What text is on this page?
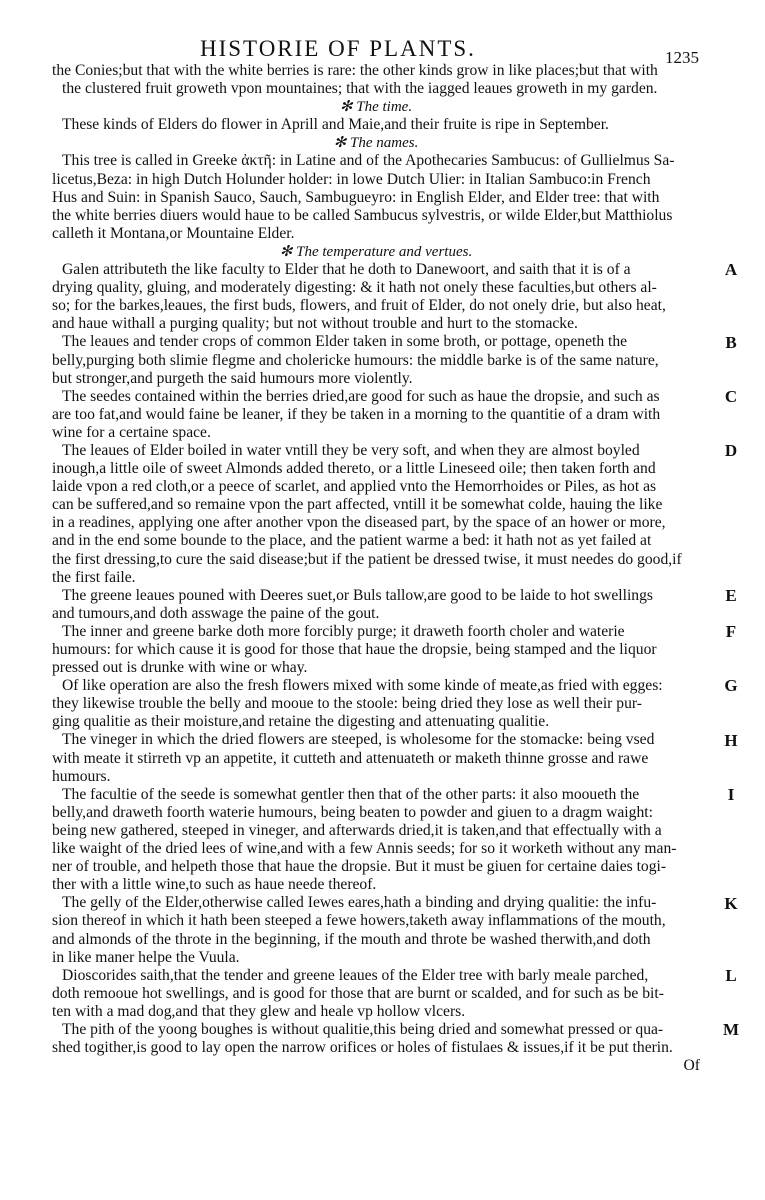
HISTORIE OF PLANTS.	1235
the Conies;but that with the white berries is rare: the other kinds grow in like places;but that with
the clustered fruit groweth vpon mountaines; that with the iagged leaues groweth in my garden.
✻ The time.
These kinds of Elders do flower in Aprill and Maie,and their fruite is ripe in September.
✻ The names.
This tree is called in Greeke ἀκτῆ: in Latine and of the Apothecaries Sambucus: of Gullielmus Sa-
licetus,Beza: in high Dutch Holunder holder: in lowe Dutch Ulier: in Italian Sambuco:in French
Hus and Suin: in Spanish Sauco, Sauch, Sambugueyro: in English Elder, and Elder tree: that with
the white berries diuers would haue to be called Sambucus sylvestris, or wilde Elder,but Matthiolus
calleth it Montana,or Mountaine Elder.
✻ The temperature and vertues.
Galen attributeth the like faculty to Elder that he doth to Danewoort, and saith that it is of a
drying quality, gluing, and moderately digesting: & it hath not onely these faculties,but others al-
so; for the barkes,leaues, the first buds, flowers, and fruit of Elder, do not onely drie, but also heat,
and haue withall a purging quality; but not without trouble and hurt to the stomacke.
The leaues and tender crops of common Elder taken in some broth, or pottage, openeth the
belly,purging both slimie flegme and cholericke humours: the middle barke is of the same nature,
but stronger,and purgeth the said humours more violently.
The seedes contained within the berries dried,are good for such as haue the dropsie, and such as
are too fat,and would faine be leaner, if they be taken in a morning to the quantitie of a dram with
wine for a certaine space.
The leaues of Elder boiled in water vntill they be very soft, and when they are almost boyled
inough,a little oile of sweet Almonds added thereto, or a little Lineseed oile; then taken forth and
laide vpon a red cloth,or a peece of scarlet, and applied vnto the Hemorrhoides or Piles, as hot as
can be suffered,and so remaine vpon the part affected, vntill it be somewhat colde, hauing the like
in a readines, applying one after another vpon the diseased part, by the space of an hower or more,
and in the end some bounde to the place, and the patient warme a bed: it hath not as yet failed at
the first dressing,to cure the said disease;but if the patient be dressed twise, it must needes do good,if
the first faile.
The greene leaues pouned with Deeres suet,or Buls tallow,are good to be laide to hot swellings
and tumours,and doth asswage the paine of the gout.
The inner and greene barke doth more forcibly purge; it draweth foorth choler and waterie
humours: for which cause it is good for those that haue the dropsie, being stamped and the liquor
pressed out is drunke with wine or whay.
Of like operation are also the fresh flowers mixed with some kinde of meate,as fried with egges:
they likewise trouble the belly and mooue to the stoole: being dried they lose as well their pur-
ging qualitie as their moisture,and retaine the digesting and attenuating qualitie.
The vineger in which the dried flowers are steeped, is wholesome for the stomacke: being vsed
with meate it stirreth vp an appetite, it cutteth and attenuateth or maketh thinne grosse and rawe
humours.
The facultie of the seede is somewhat gentler then that of the other parts: it also mooueth the
belly,and draweth foorth waterie humours, being beaten to powder and giuen to a dragm waight:
being new gathered, steeped in vineger, and afterwards dried,it is taken,and that effectually with a
like waight of the dried lees of wine,and with a few Annis seeds; for so it worketh without any man-
ner of trouble, and helpeth those that haue the dropsie. But it must be giuen for certaine daies togi-
ther with a little wine,to such as haue neede thereof.
The gelly of the Elder,otherwise called Iewes eares,hath a binding and drying qualitie: the infu-
sion thereof in which it hath been steeped a fewe howers,taketh away inflammations of the mouth,
and almonds of the throte in the beginning, if the mouth and throte be washed therwith,and doth
in like maner helpe the Vuula.
Dioscorides saith,that the tender and greene leaues of the Elder tree with barly meale parched,
doth remooue hot swellings, and is good for those that are burnt or scalded, and for such as be bit-
ten with a mad dog,and that they glew and heale vp hollow vlcers.
The pith of the yoong boughes is without qualitie,this being dried and somewhat pressed or qua-
shed togither,is good to lay open the narrow orifices or holes of fistulaes & issues,if it be put therin.
Of
A
B
C
D
E
F
G
H
I
K
L
M
